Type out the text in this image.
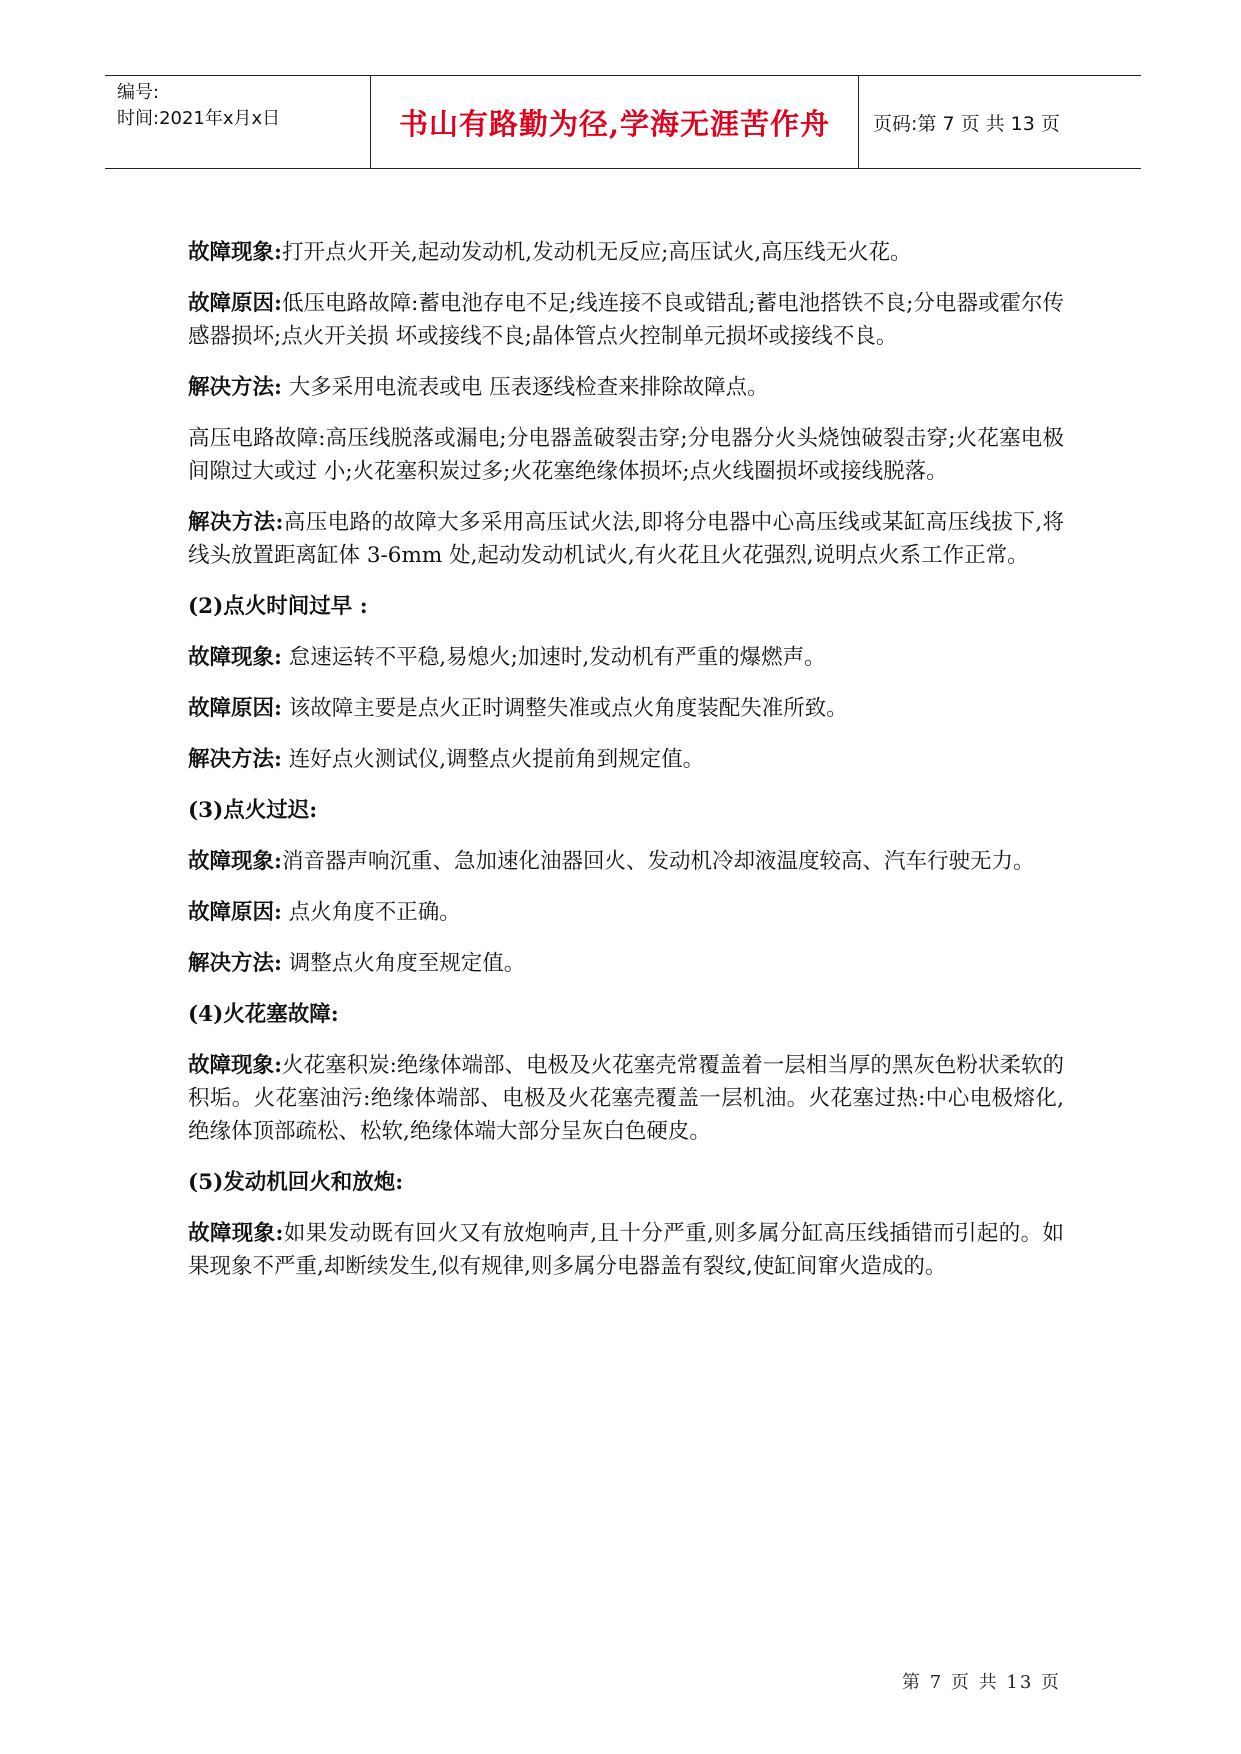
编号:
时间:2021年x月x日	书山有路勤为径,学海无涯苦作舟	页码:第 7 页 共 13 页

故障现象:打开点火开关,起动发动机,发动机无反应;高压试火,高压线无火花。

故障原因:低压电路故障:蓄电池存电不足;线连接不良或错乱;蓄电池搭铁不良;分电器或霍尔传感器损坏;点火开关损 坏或接线不良;晶体管点火控制单元损坏或接线不良。

解决方法: 大多采用电流表或电 压表逐线检查来排除故障点。

高压电路故障:高压线脱落或漏电;分电器盖破裂击穿;分电器分火头烧蚀破裂击穿;火花塞电极间隙过大或过 小;火花塞积炭过多;火花塞绝缘体损坏;点火线圈损坏或接线脱落。

解决方法:高压电路的故障大多采用高压试火法,即将分电器中心高压线或某缸高压线拔下,将线头放置距离缸体 3-6mm 处,起动发动机试火,有火花且火花强烈,说明点火系工作正常。

(2)点火时间过早 :

故障现象: 怠速运转不平稳,易熄火;加速时,发动机有严重的爆燃声。

故障原因: 该故障主要是点火正时调整失准或点火角度装配失准所致。

解决方法: 连好点火测试仪,调整点火提前角到规定值。

(3)点火过迟:

故障现象:消音器声响沉重、急加速化油器回火、发动机冷却液温度较高、汽车行驶无力。

故障原因: 点火角度不正确。

解决方法: 调整点火角度至规定值。

(4)火花塞故障:

故障现象:火花塞积炭:绝缘体端部、电极及火花塞壳常覆盖着一层相当厚的黑灰色粉状柔软的积垢。火花塞油污:绝缘体端部、电极及火花塞壳覆盖一层机油。火花塞过热:中心电极熔化,绝缘体顶部疏松、松软,绝缘体端大部分呈灰白色硬皮。

(5)发动机回火和放炮:

故障现象:如果发动既有回火又有放炮响声,且十分严重,则多属分缸高压线插错而引起的。如果现象不严重,却断续发生,似有规律,则多属分电器盖有裂纹,使缸间窜火造成的。

第 7 页 共 13 页
